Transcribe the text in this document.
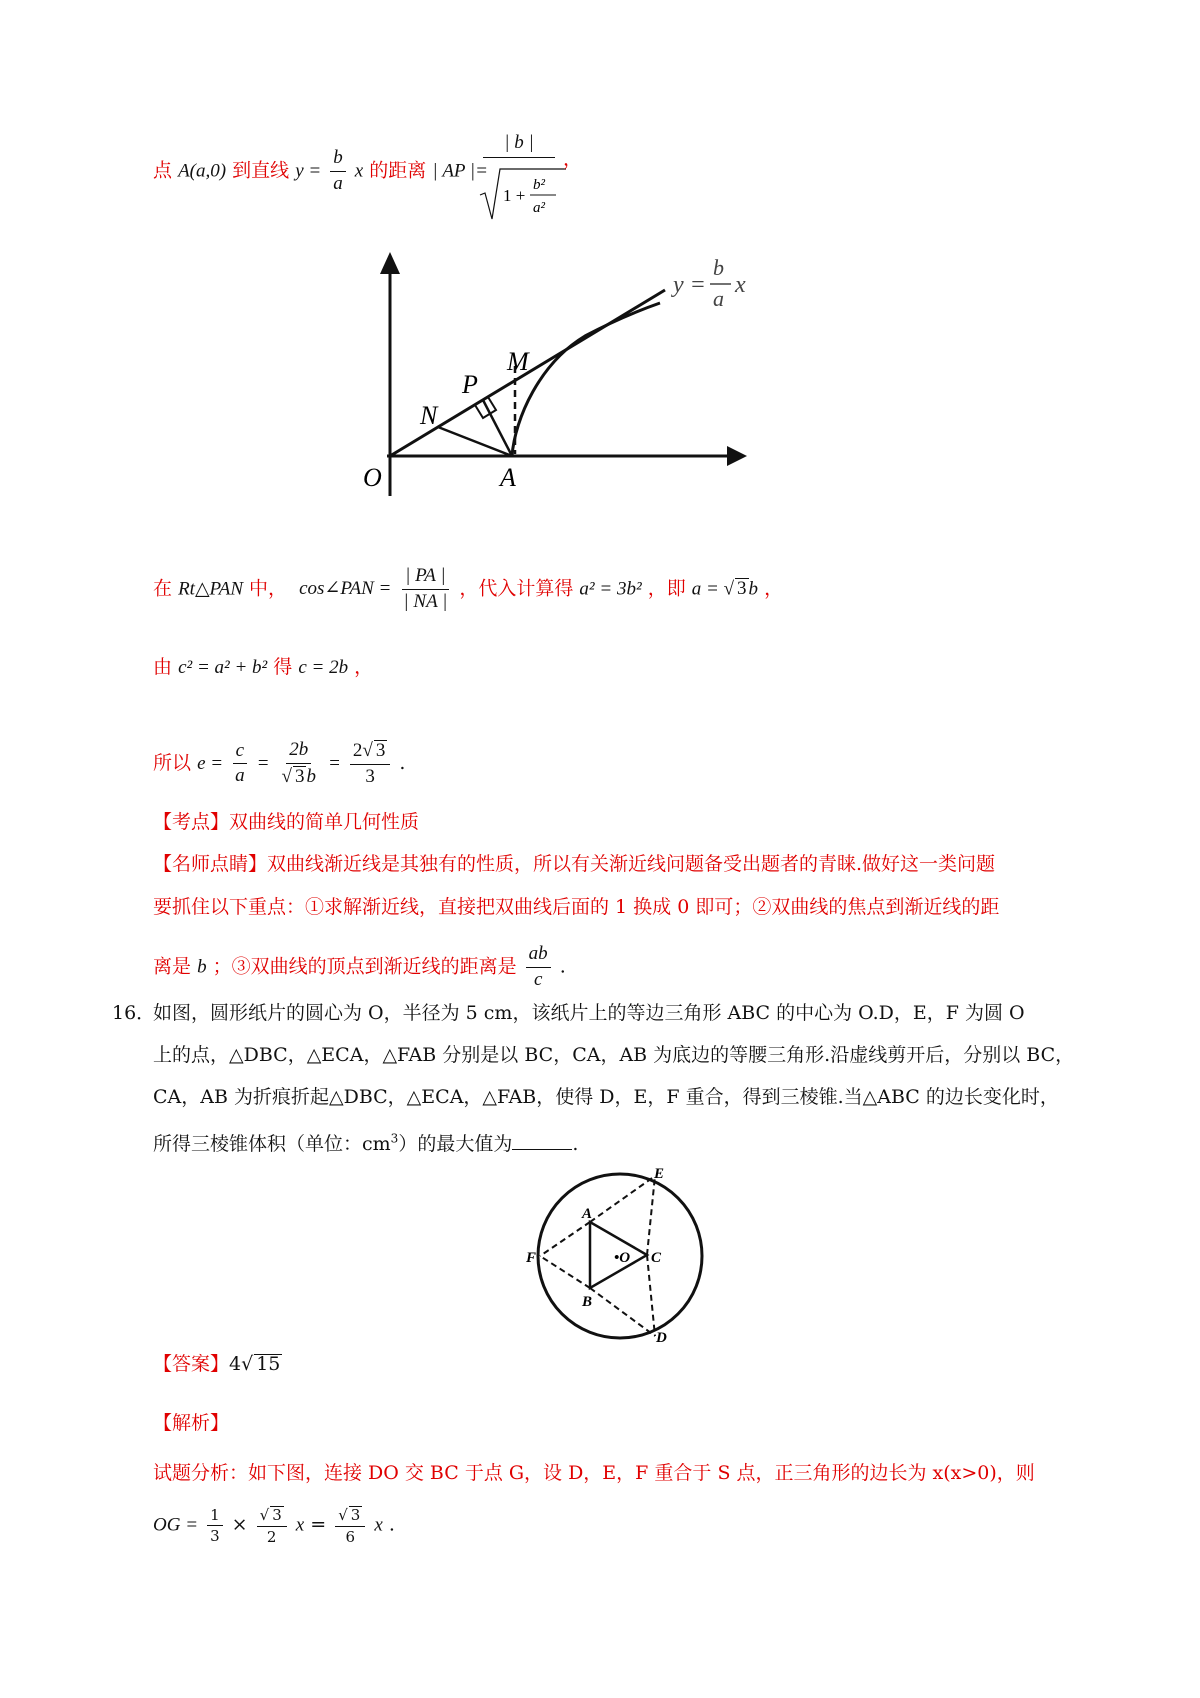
点 A(a,0) 到直线 $y = \frac{b}{a}$ x 的距离 | AP |=
| b |
1 +
b²
a²
，
O	A
N
P
M
y =
b
a
x
在 Rt△PAN 中， cos∠PAN = $\frac{| PA |}{| NA |}$ ，代入计算得 a² = 3b² ，即 a = √ 3 b ，
由 c² = a² + b² 得 c = 2b ，
所以 $e = \frac{c}{a} = \frac{2b}{√ 3 b} = \frac{2√ 3}{3}$ .
【考点】双曲线的简单几何性质
【名师点睛】双曲线渐近线是其独有的性质，所以有关渐近线问题备受出题者的青睐.做好这一类问题
要抓住以下重点：①求解渐近线，直接把双曲线后面的 1 换成 0 即可；②双曲线的焦点到渐近线的距
离是 b ；③双曲线的顶点到渐近线的距离是 $\frac{ab}{c}$ .
16．
如图，圆形纸片的圆心为 O，半径为 5 cm，该纸片上的等边三角形 ABC 的中心为 O.D，E，F 为圆 O
上的点，△DBC，△ECA，△FAB 分别是以 BC，CA，AB 为底边的等腰三角形.沿虚线剪开后，分别以 BC，
CA，AB 为折痕折起△DBC，△ECA，△FAB，使得 D，E，F 重合，得到三棱锥.当△ABC 的边长变化时，
所得三棱锥体积（单位：$cm^3$）的最大值为	.
A
B
C
D
E
F	•O
【答案】4√ 15
【解析】
试题分析：如下图，连接 DO 交 BC 于点 G，设 D，E，F 重合于 S 点，正三角形的边长为 x(x>0)，则
OG = $\frac{1}{3} \times \frac{√ 3}{2}$ $x = \frac{√ 3}{6}$ x .
